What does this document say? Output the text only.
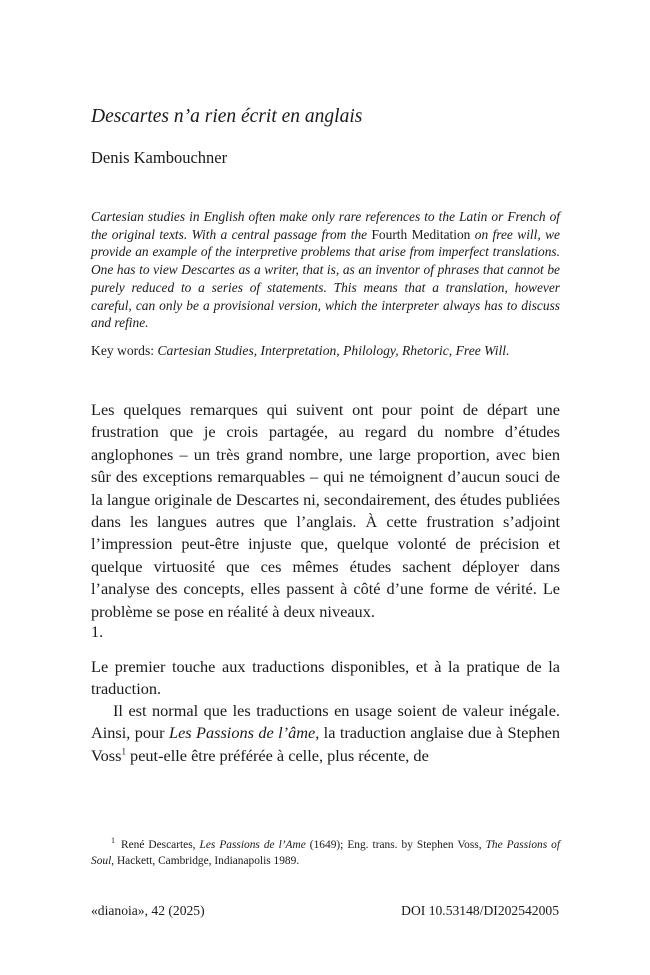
Descartes n’a rien écrit en anglais

Denis Kambouchner

Cartesian studies in English often make only rare references to the Latin or French of the original texts. With a central passage from the Fourth Meditation on free will, we provide an example of the interpretive problems that arise from imperfect translations. One has to view Descartes as a writer, that is, as an inventor of phrases that cannot be purely reduced to a series of statements. This means that a translation, however careful, can only be a provisional version, which the interpreter always has to discuss and refine.

Key words: Cartesian Studies, Interpretation, Philology, Rhetoric, Free Will.

Les quelques remarques qui suivent ont pour point de départ une frustration que je crois partagée, au regard du nombre d’études anglophones – un très grand nombre, une large proportion, avec bien sûr des exceptions remarquables – qui ne témoignent d’aucun souci de la langue originale de Descartes ni, secondairement, des études publiées dans les langues autres que l’anglais. À cette frustration s’adjoint l’impression peut-être injuste que, quelque volonté de précision et quelque virtuosité que ces mêmes études sachent déployer dans l’analyse des concepts, elles passent à côté d’une forme de vérité. Le problème se pose en réalité à deux niveaux.

1.

Le premier touche aux traductions disponibles, et à la pratique de la traduction.

Il est normal que les traductions en usage soient de valeur inégale. Ainsi, pour Les Passions de l’âme, la traduction anglaise due à Stephen Voss$^1$ peut-elle être préférée à celle, plus récente, de

$^1$ René Descartes, Les Passions de l’Ame (1649); Eng. trans. by Stephen Voss, The Passions of Soul, Hackett, Cambridge, Indianapolis 1989.

«dianoia», 42 (2025)	DOI 10.53148/DI202542005
